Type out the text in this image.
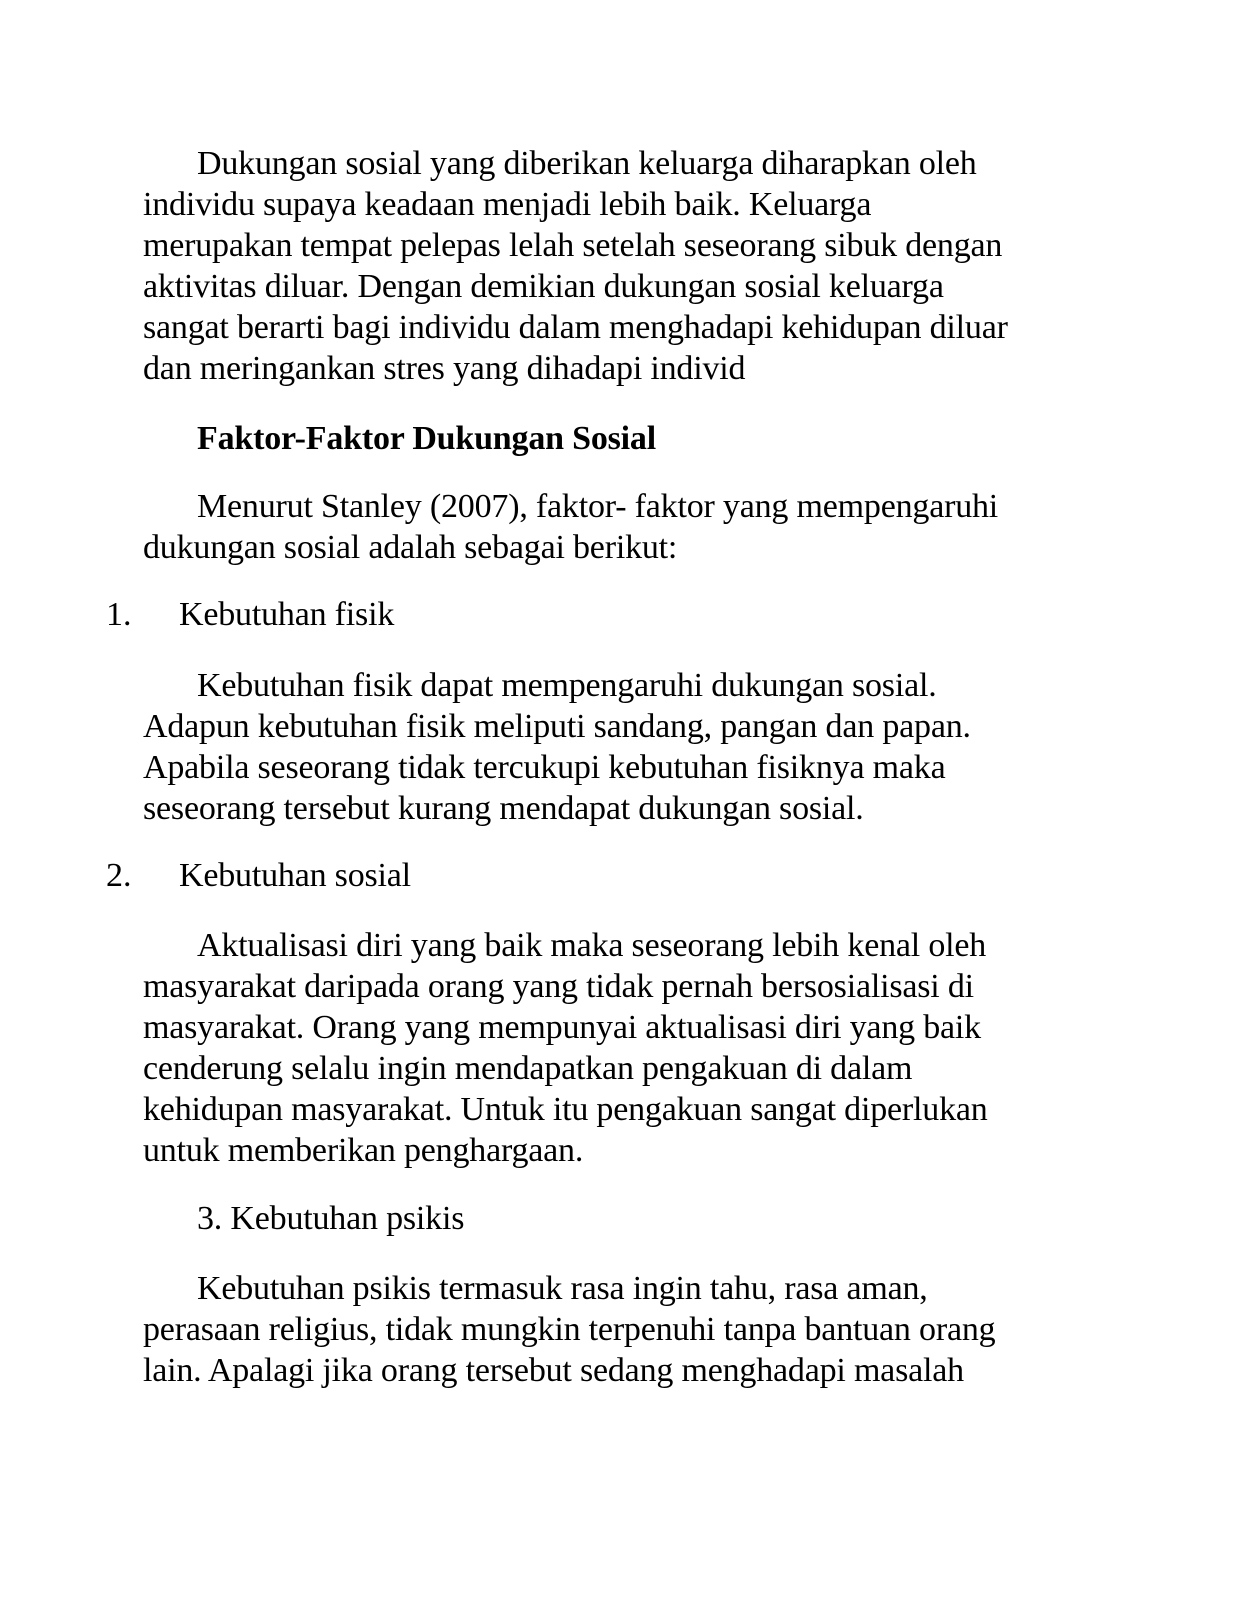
Dukungan sosial yang diberikan keluarga diharapkan oleh
individu supaya keadaan menjadi lebih baik. Keluarga
merupakan tempat pelepas lelah setelah seseorang sibuk dengan
aktivitas diluar. Dengan demikian dukungan sosial keluarga
sangat berarti bagi individu dalam menghadapi kehidupan diluar
dan meringankan stres yang dihadapi individ
Faktor-Faktor Dukungan Sosial
Menurut Stanley (2007), faktor- faktor yang mempengaruhi
dukungan sosial adalah sebagai berikut:
1. Kebutuhan fisik
Kebutuhan fisik dapat mempengaruhi dukungan sosial.
Adapun kebutuhan fisik meliputi sandang, pangan dan papan.
Apabila seseorang tidak tercukupi kebutuhan fisiknya maka
seseorang tersebut kurang mendapat dukungan sosial.
2. Kebutuhan sosial
Aktualisasi diri yang baik maka seseorang lebih kenal oleh
masyarakat daripada orang yang tidak pernah bersosialisasi di
masyarakat. Orang yang mempunyai aktualisasi diri yang baik
cenderung selalu ingin mendapatkan pengakuan di dalam
kehidupan masyarakat. Untuk itu pengakuan sangat diperlukan
untuk memberikan penghargaan.
3. Kebutuhan psikis
Kebutuhan psikis termasuk rasa ingin tahu, rasa aman,
perasaan religius, tidak mungkin terpenuhi tanpa bantuan orang
lain. Apalagi jika orang tersebut sedang menghadapi masalah
